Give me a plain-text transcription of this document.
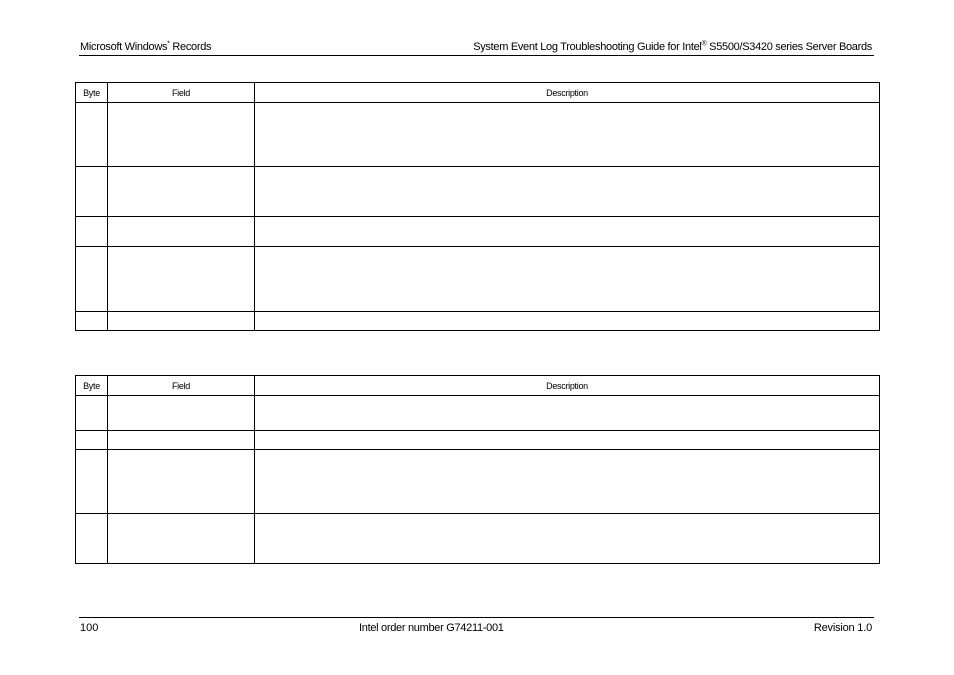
Microsoft Windows* Records	System Event Log Troubleshooting Guide for Intel® S5500/S3420 series Server Boards
Byte	Field	Description

Byte	Field	Description

100	Intel order number G74211-001	Revision 1.0
